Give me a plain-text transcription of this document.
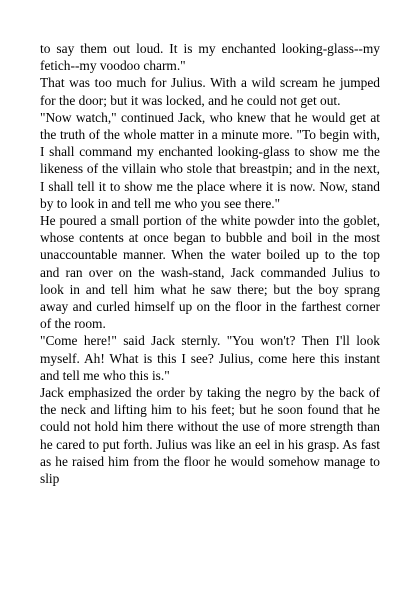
to say them out loud. It is my enchanted looking-glass--my fetich--my voodoo charm."

That was too much for Julius. With a wild scream he jumped for the door; but it was locked, and he could not get out.

"Now watch," continued Jack, who knew that he would get at the truth of the whole matter in a minute more. "To begin with, I shall command my enchanted looking-glass to show me the likeness of the villain who stole that breastpin; and in the next, I shall tell it to show me the place where it is now. Now, stand by to look in and tell me who you see there."

He poured a small portion of the white powder into the goblet, whose contents at once began to bubble and boil in the most unaccountable manner. When the water boiled up to the top and ran over on the wash-stand, Jack commanded Julius to look in and tell him what he saw there; but the boy sprang away and curled himself up on the floor in the farthest corner of the room.

"Come here!" said Jack sternly. "You won't? Then I'll look myself. Ah! What is this I see? Julius, come here this instant and tell me who this is."

Jack emphasized the order by taking the negro by the back of the neck and lifting him to his feet; but he soon found that he could not hold him there without the use of more strength than he cared to put forth. Julius was like an eel in his grasp. As fast as he raised him from the floor he would somehow manage to slip
